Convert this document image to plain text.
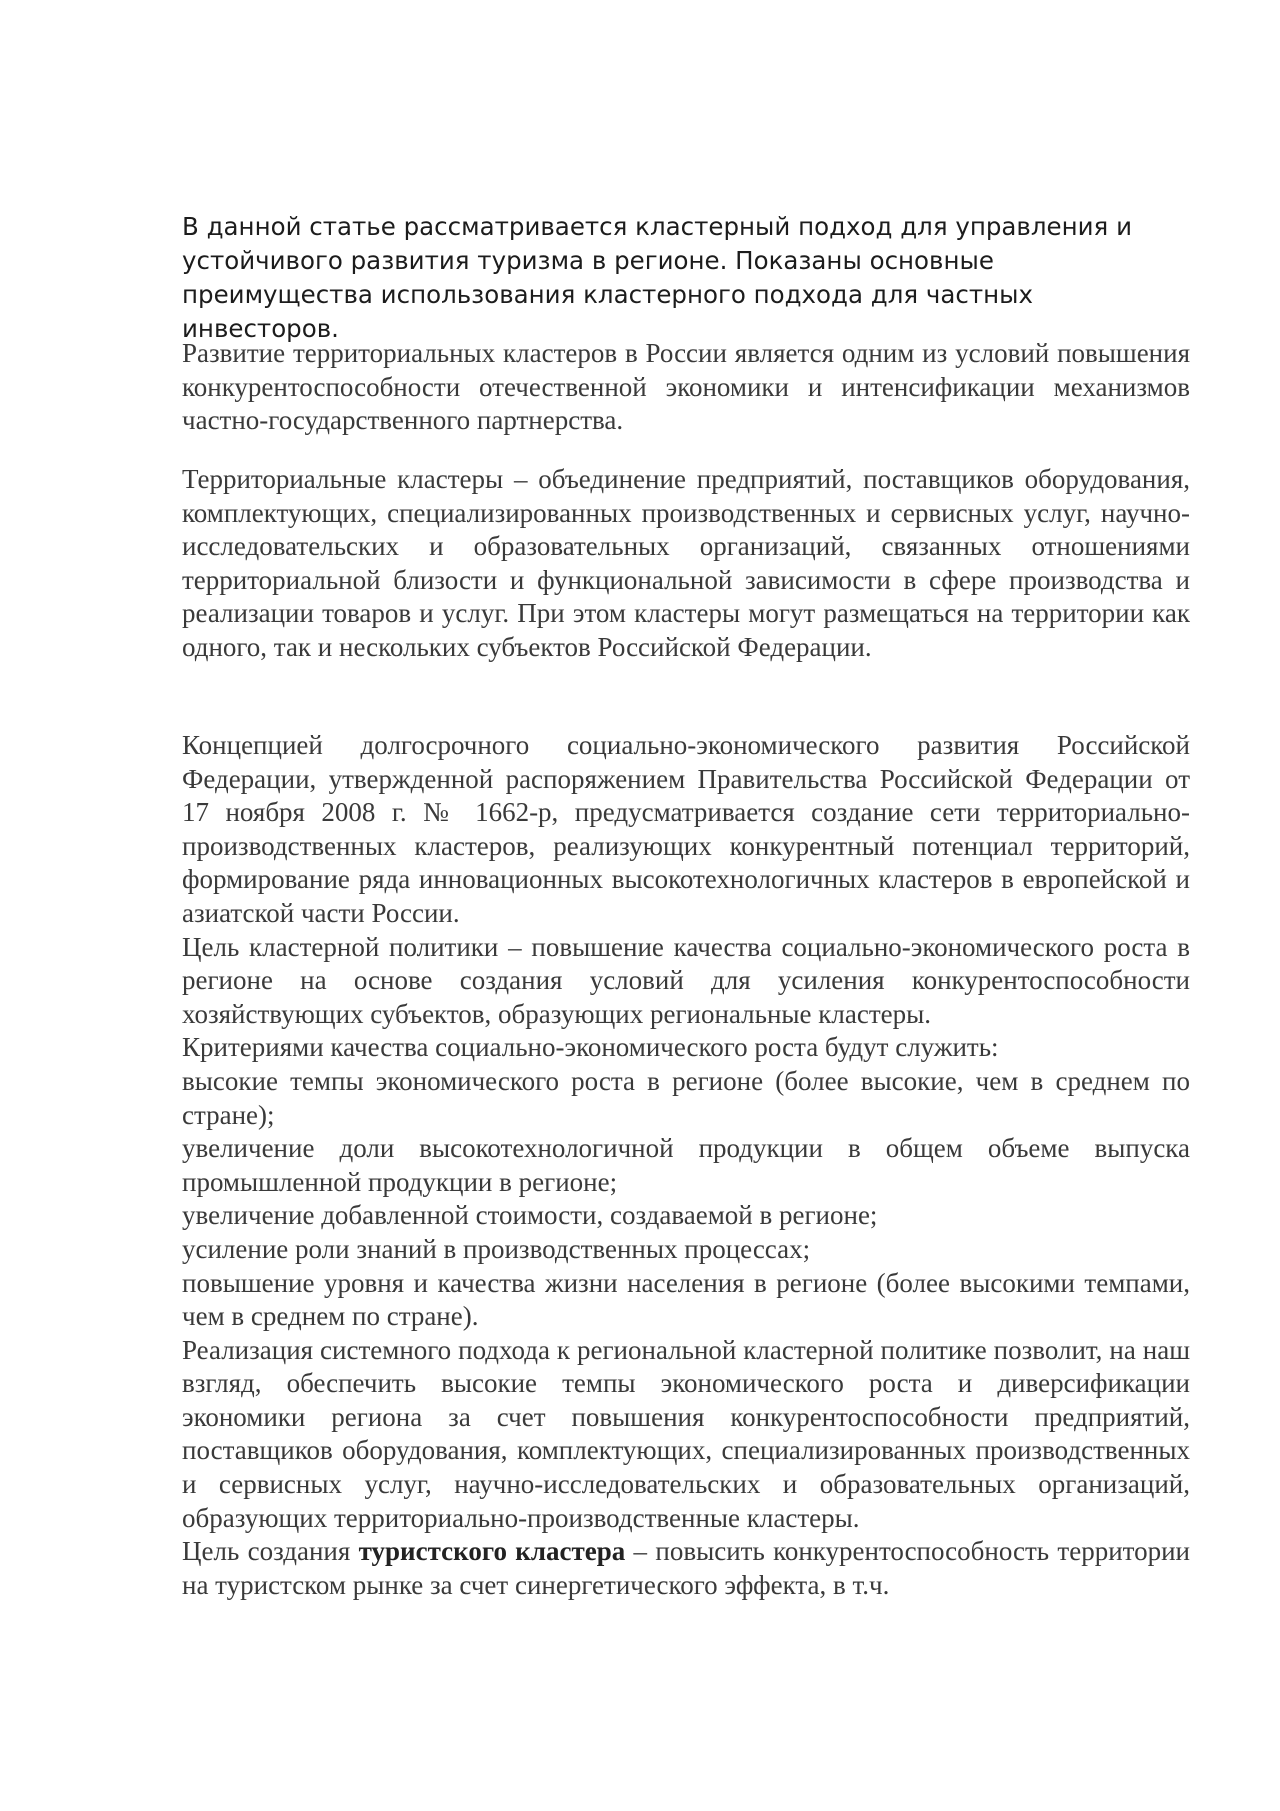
В данной статье рассматривается кластерный подход для управления и устойчивого развития туризма в регионе. Показаны основные преимущества использования кластерного подхода для частных инвесторов.

Развитие территориальных кластеров в России является одним из условий повышения конкурентоспособности отечественной экономики и интенсификации механизмов частно-государственного партнерства.

Территориальные кластеры – объединение предприятий, поставщиков оборудования, комплектующих, специализированных производственных и сервисных услуг, научно-исследовательских и образовательных организаций, связанных отношениями территориальной близости и функциональной зависимости в сфере производства и реализации товаров и услуг. При этом кластеры могут размещаться на территории как одного, так и нескольких субъектов Российской Федерации.

Концепцией долгосрочного социально-экономического развития Российской Федерации, утвержденной распоряжением Правительства Российской Федерации от 17 ноября 2008 г. № 1662-р, предусматривается создание сети территориально-производственных кластеров, реализующих конкурентный потенциал территорий, формирование ряда инновационных высокотехнологичных кластеров в европейской и азиатской части России.

Цель кластерной политики – повышение качества социально-экономического роста в регионе на основе создания условий для усиления конкурентоспособности хозяйствующих субъектов, образующих региональные кластеры.

Критериями качества социально-экономического роста будут служить:

высокие темпы экономического роста в регионе (более высокие, чем в среднем по стране);

увеличение доли высокотехнологичной продукции в общем объеме выпуска промышленной продукции в регионе;

увеличение добавленной стоимости, создаваемой в регионе;

усиление роли знаний в производственных процессах;

повышение уровня и качества жизни населения в регионе (более высокими темпами, чем в среднем по стране).

Реализация системного подхода к региональной кластерной политике позволит, на наш взгляд, обеспечить высокие темпы экономического роста и диверсификации экономики региона за счет повышения конкурентоспособности предприятий, поставщиков оборудования, комплектующих, специализированных производственных и сервисных услуг, научно-исследовательских и образовательных организаций, образующих территориально-производственные кластеры.

Цель создания туристского кластера – повысить конкурентоспособность территории на туристском рынке за счет синергетического эффекта, в т.ч.
